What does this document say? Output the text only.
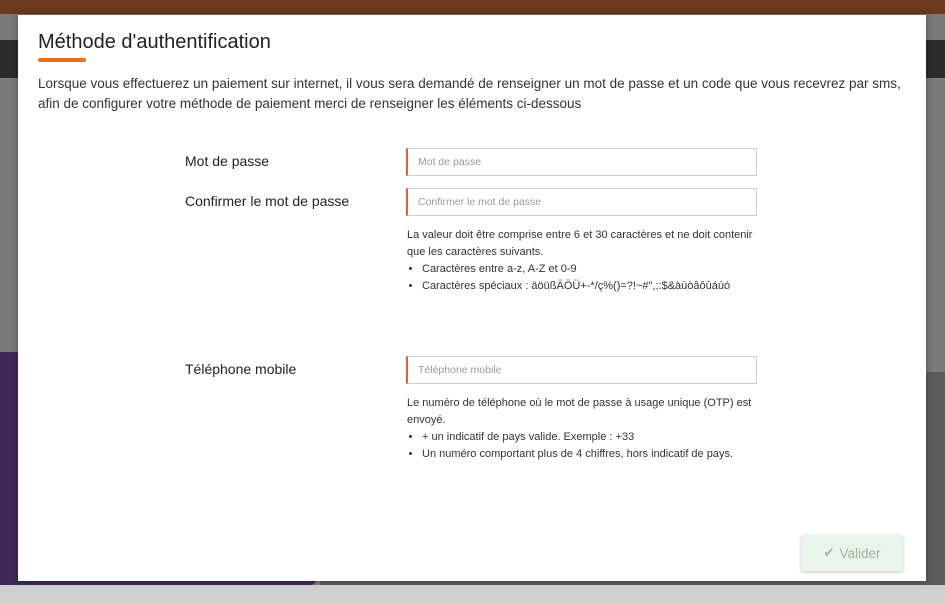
Méthode d'authentification

Lorsque vous effectuerez un paiement sur internet, il vous sera demandé de renseigner un mot de passe et un code que vous recevrez par sms, afin de configurer votre méthode de paiement merci de renseigner les éléments ci-dessous

Mot de passe
Confirmer le mot de passe

La valeur doit être comprise entre 6 et 30 caractères et ne doit contenir que les caractères suivants.

• Caractères entre a-z, A-Z et 0-9
• Caractères spéciaux : äöüßÄÖÜ+-*/ç%()=?!~#",;:$&àùòâôûáúó
Téléphone mobile
Téléphone mobile

Le numéro de téléphone où le mot de passe à usage unique (OTP) est envoyé.

• + un indicatif de pays valide. Exemple : +33
• Un numéro comportant plus de 4 chiffres, hors indicatif de pays.
✔ Valider
